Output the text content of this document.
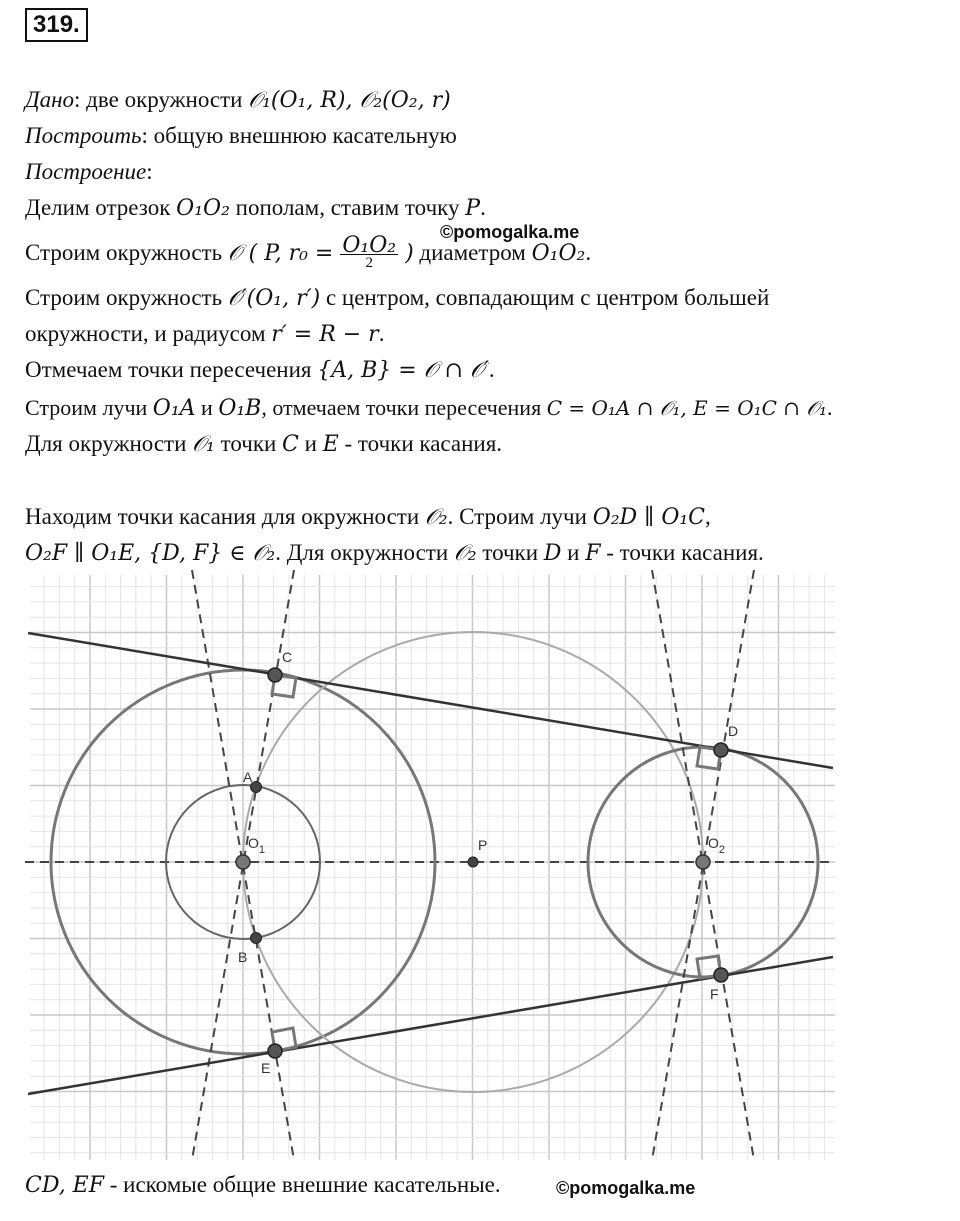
319.
Дано: две окружности 𝒪₁(O₁, R), 𝒪₂(O₂, r)
Построить: общую внешнюю касательную
Построение:
Делим отрезок O₁O₂ пополам, ставим точку P.
©pomogalka.me
Строим окружность 𝒪 ( P, $r_0 = \frac{\text{O₁O₂}}{2}$ ) диаметром O₁O₂.
Строим окружность 𝒪′(O₁, r′) с центром, совпадающим с центром большей
окружности, и радиусом r′ = R − r.
Отмечаем точки пересечения {A, B} = 𝒪 ∩ 𝒪′.
Строим лучи O₁A и O₁B, отмечаем точки пересечения C = O₁A ∩ 𝒪₁, E = O₁C ∩ 𝒪₁.
Для окружности 𝒪₁ точки C и E - точки касания.
Находим точки касания для окружности 𝒪₂. Строим лучи O₂D ∥ O₁C,
O₂F ∥ O₁E, {D, F} ∈ 𝒪₂. Для окружности 𝒪₂ точки D и F - точки касания.
C
A
$O_1$
B
E
P	$O_2$
D
F
CD, EF - искомые общие внешние касательные.	©pomogalka.me
